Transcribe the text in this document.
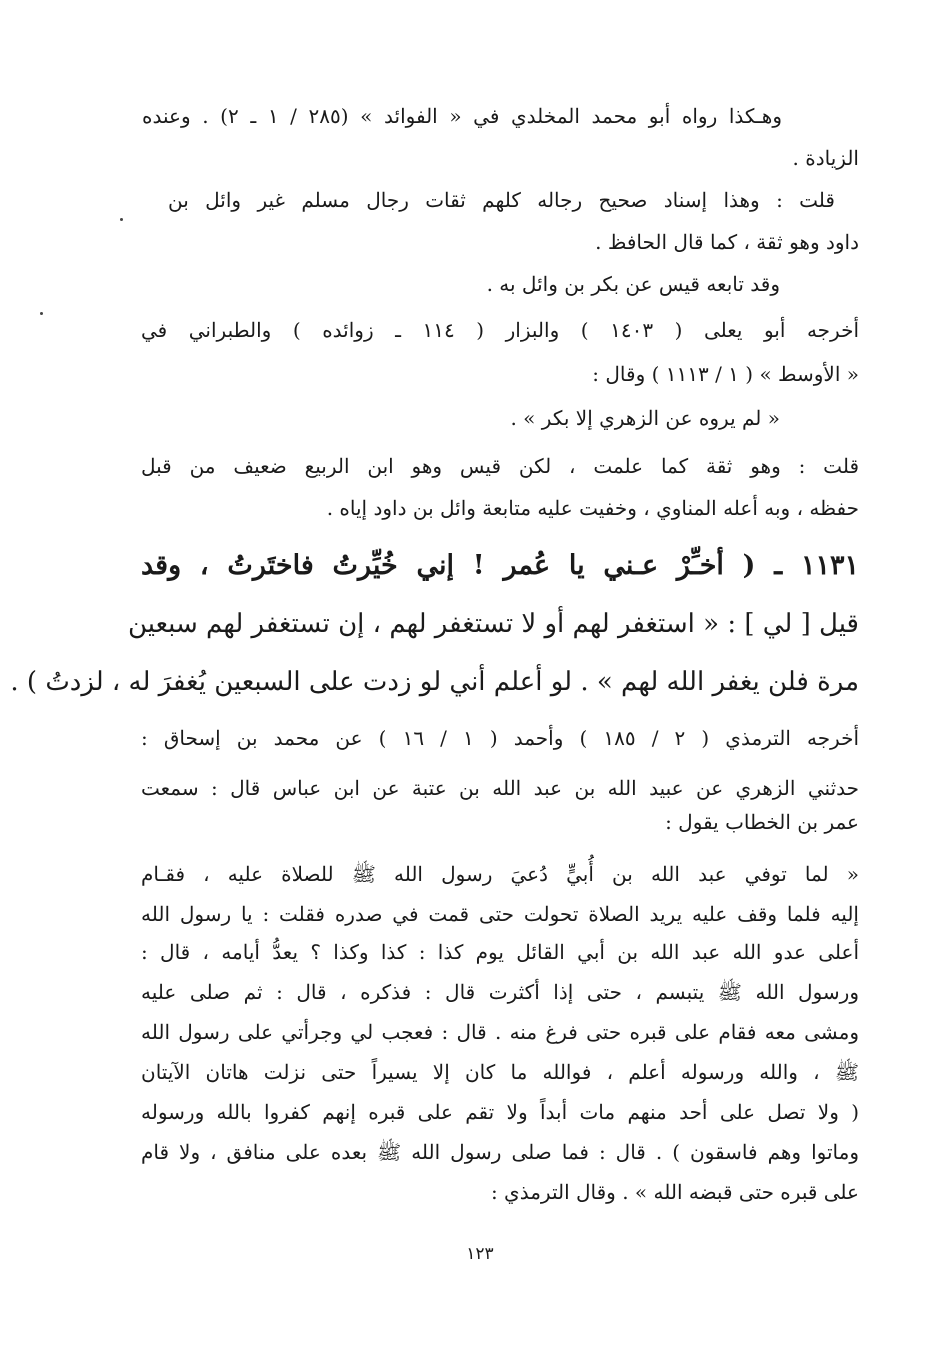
وهـكذا رواه أبو محمد المخلدي في « الفوائد » (٢٨٥ / ١ ـ ٢) . وعنده
الزيادة .
قلت : وهذا إسناد صحيح رجاله كلهم ثقات رجال مسلم غير وائل بن
داود وهو ثقة ، كما قال الحافظ .
وقد تابعه قيس عن بكر بن وائل به .
أخرجه أبو يعلى ( ١٤٠٣ ) والبزار ( ١١٤ ـ زوائده ) والطبراني في
« الأوسط » ( ١ / ١١١٣ ) وقال :
« لم يروه عن الزهري إلا بكر » .
قلت : وهو ثقة كما علمت ، لكن قيس وهو ابن الربيع ضعيف من قبل
حفظه ، وبه أعله المناوي ، وخفيت عليه متابعة وائل بن داود إياه .
١١٣١ ـ ( أخـِّرْ عـني يا عُمر ! إني خُيِّرتُ فاختَرتُ ، وقد
قيل [ لي ] : « استغفر لهم أو لا تستغفر لهم ، إن تستغفر لهم سبعين
مرة فلن يغفر الله لهم » . لو أعلم أني لو زدت على السبعين يُغفرَ له ، لزدتُ ) .
أخرجه الترمذي ( ٢ / ١٨٥ ) وأحمد ( ١ / ١٦ ) عن محمد بن إسحاق :
حدثني الزهري عن عبيد الله بن عبد الله بن عتبة عن ابن عباس قال : سمعت
عمر بن الخطاب يقول :
« لما توفي عبد الله بن أُبيٍّ دُعيَ رسول الله ﷺ للصلاة عليه ، فقـام
إليه فلما وقف عليه يريد الصلاة تحولت حتى قمت في صدره فقلت : يا رسول الله
أعلى عدو الله عبد الله بن أبي القائل يوم كذا : كذا وكذا ؟ يعدُّ أيامه ، قال :
ورسول الله ﷺ يتبسم ، حتى إذا أكثرت قال : فذكره ، قال : ثم صلى عليه
ومشى معه فقام على قبره حتى فرغ منه . قال : فعجب لي وجرأتي على رسول الله
ﷺ ، والله ورسوله أعلم ، فوالله ما كان إلا يسيراً حتى نزلت هاتان الآيتان
( ولا تصل على أحد منهم مات أبداً ولا تقم على قبره إنهم كفروا بالله ورسوله
وماتوا وهم فاسقون ) . قال : فما صلى رسول الله ﷺ بعده على منافق ، ولا قام
على قبره حتى قبضه الله » . وقال الترمذي :
١٢٣
